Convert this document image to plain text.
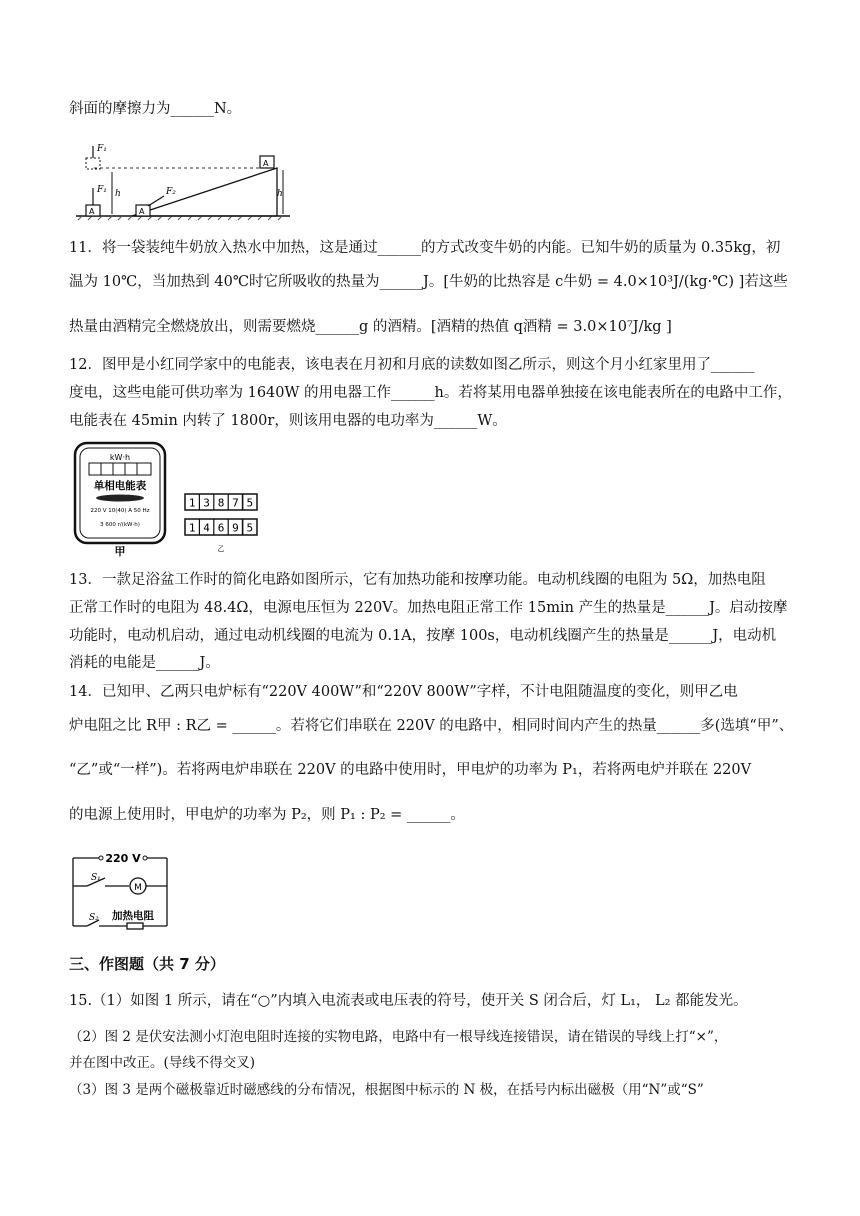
斜面的摩擦力为______N。
F₁
A
F₁ h
A
F₂
A
h
11．将一袋装纯牛奶放入热水中加热，这是通过______的方式改变牛奶的内能。已知牛奶的质量为 0.35kg，初
温为 10℃，当加热到 40℃时它所吸收的热量为______J。[牛奶的比热容是 c牛奶 = 4.0×10³J/(kg·℃) ]若这些
热量由酒精完全燃烧放出，则需要燃烧______g 的酒精。[酒精的热值 q酒精 = 3.0×10⁷J/kg ]
12．图甲是小红同学家中的电能表，该电表在月初和月底的读数如图乙所示，则这个月小红家里用了______
度电，这些电能可供功率为 1640W 的用电器工作______h。若将某用电器单独接在该电能表所在的电路中工作，
电能表在 45min 内转了 1800r，则该用电器的电功率为______W。
kW·h
单相电能表
220 V 10(40) A 50 Hz
3 600 r/(kW·h)
甲
1 3 8 7 5
1 4 6 9 5
乙
13．一款足浴盆工作时的简化电路如图所示，它有加热功能和按摩功能。电动机线圈的电阻为 5Ω，加热电阻
正常工作时的电阻为 48.4Ω，电源电压恒为 220V。加热电阻正常工作 15min 产生的热量是______J。启动按摩
功能时，电动机启动，通过电动机线圈的电流为 0.1A，按摩 100s，电动机线圈产生的热量是______J，电动机
消耗的电能是______J。
14．已知甲、乙两只电炉标有“220V 400W”和“220V 800W”字样，不计电阻随温度的变化，则甲乙电
炉电阻之比 R甲 : R乙 = ______。若将它们串联在 220V 的电路中，相同时间内产生的热量______多(选填“甲”、
“乙”或“一样”)。若将两电炉串联在 220V 的电路中使用时，甲电炉的功率为 P₁，若将两电炉并联在 220V
的电源上使用时，甲电炉的功率为 P₂，则 P₁ : P₂ = ______。
220 V
S₁
M
S₂ 加热电阻
三、作图题（共 7 分）
15.（1）如图 1 所示，请在“○”内填入电流表或电压表的符号，使开关 S 闭合后，灯 L₁， L₂ 都能发光。
（2）图 2 是伏安法测小灯泡电阻时连接的实物电路，电路中有一根导线连接错误，请在错误的导线上打“×”，
并在图中改正。(导线不得交叉)
（3）图 3 是两个磁极靠近时磁感线的分布情况，根据图中标示的 N 极，在括号内标出磁极（用“N”或“S”
